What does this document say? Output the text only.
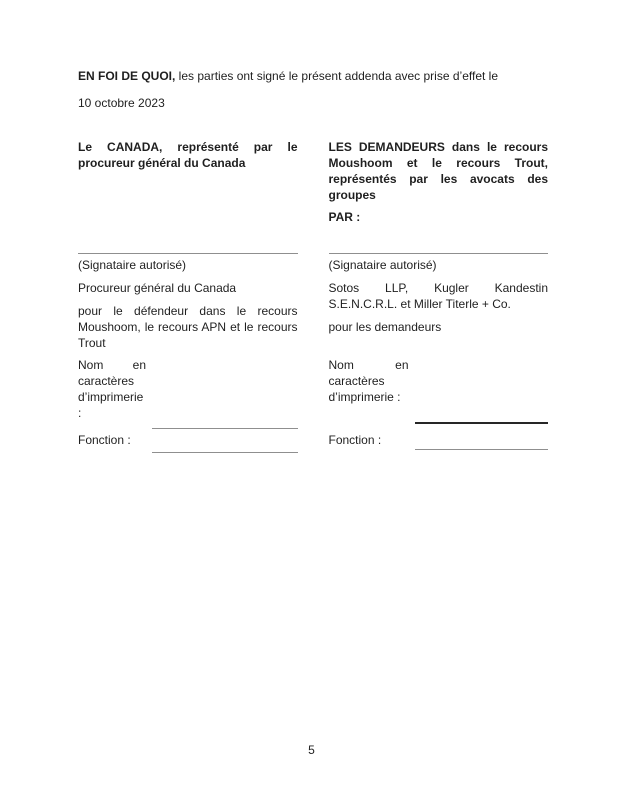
EN FOI DE QUOI, les parties ont signé le présent addenda avec prise d’effet le
10 octobre 2023
Le CANADA, représenté par le procureur général du Canada
(Signataire autorisé)
Procureur général du Canada
pour le défendeur dans le recours Moushoom, le recours APN et le recours Trout
Nom en caractères d’imprimerie :
Fonction :
LES DEMANDEURS dans le recours Moushoom et le recours Trout, représentés par les avocats des groupes
PAR :
(Signataire autorisé)
Sotos LLP, Kugler Kandestin S.E.N.C.R.L. et Miller Titerle + Co.
pour les demandeurs
Nom en caractères d’imprimerie :
Fonction :
5
